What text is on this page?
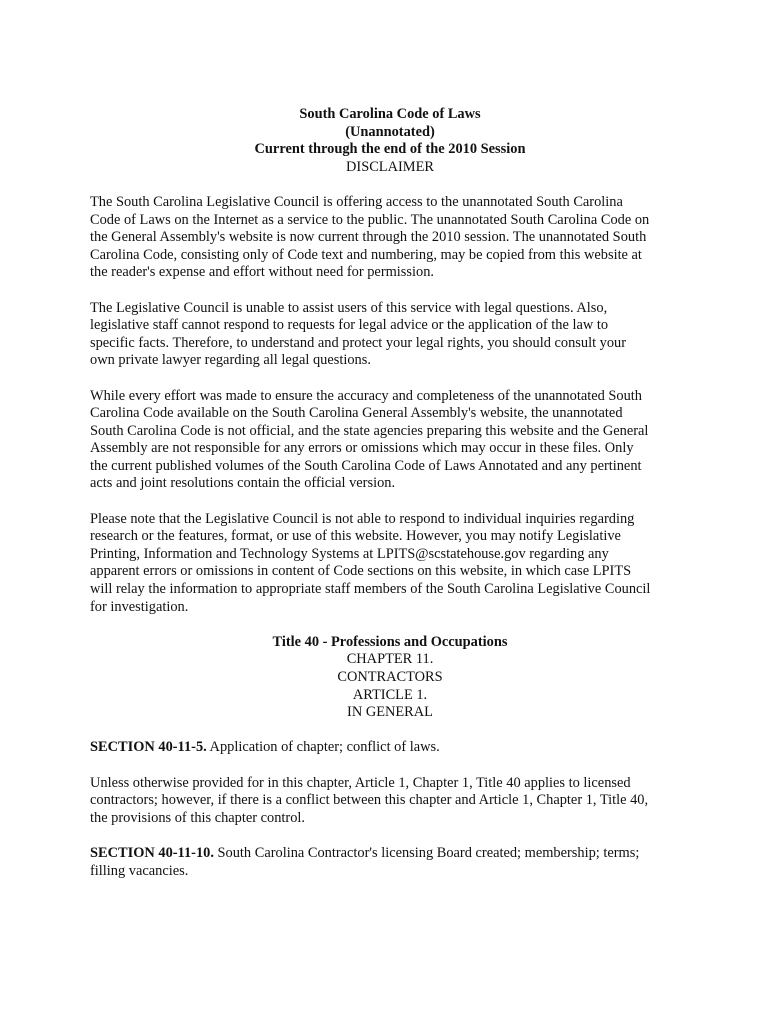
South Carolina Code of Laws
(Unannotated)
Current through the end of the 2010 Session
DISCLAIMER

The South Carolina Legislative Council is offering access to the unannotated South Carolina
Code of Laws on the Internet as a service to the public. The unannotated South Carolina Code on
the General Assembly's website is now current through the 2010 session. The unannotated South
Carolina Code, consisting only of Code text and numbering, may be copied from this website at
the reader's expense and effort without need for permission.

The Legislative Council is unable to assist users of this service with legal questions. Also,
legislative staff cannot respond to requests for legal advice or the application of the law to
specific facts. Therefore, to understand and protect your legal rights, you should consult your
own private lawyer regarding all legal questions.

While every effort was made to ensure the accuracy and completeness of the unannotated South
Carolina Code available on the South Carolina General Assembly's website, the unannotated
South Carolina Code is not official, and the state agencies preparing this website and the General
Assembly are not responsible for any errors or omissions which may occur in these files. Only
the current published volumes of the South Carolina Code of Laws Annotated and any pertinent
acts and joint resolutions contain the official version.

Please note that the Legislative Council is not able to respond to individual inquiries regarding
research or the features, format, or use of this website. However, you may notify Legislative
Printing, Information and Technology Systems at LPITS@scstatehouse.gov regarding any
apparent errors or omissions in content of Code sections on this website, in which case LPITS
will relay the information to appropriate staff members of the South Carolina Legislative Council
for investigation.

Title 40 - Professions and Occupations
CHAPTER 11.
CONTRACTORS
ARTICLE 1.
IN GENERAL

SECTION 40-11-5. Application of chapter; conflict of laws.

Unless otherwise provided for in this chapter, Article 1, Chapter 1, Title 40 applies to licensed
contractors; however, if there is a conflict between this chapter and Article 1, Chapter 1, Title 40,
the provisions of this chapter control.

SECTION 40-11-10. South Carolina Contractor's licensing Board created; membership; terms;
filling vacancies.
